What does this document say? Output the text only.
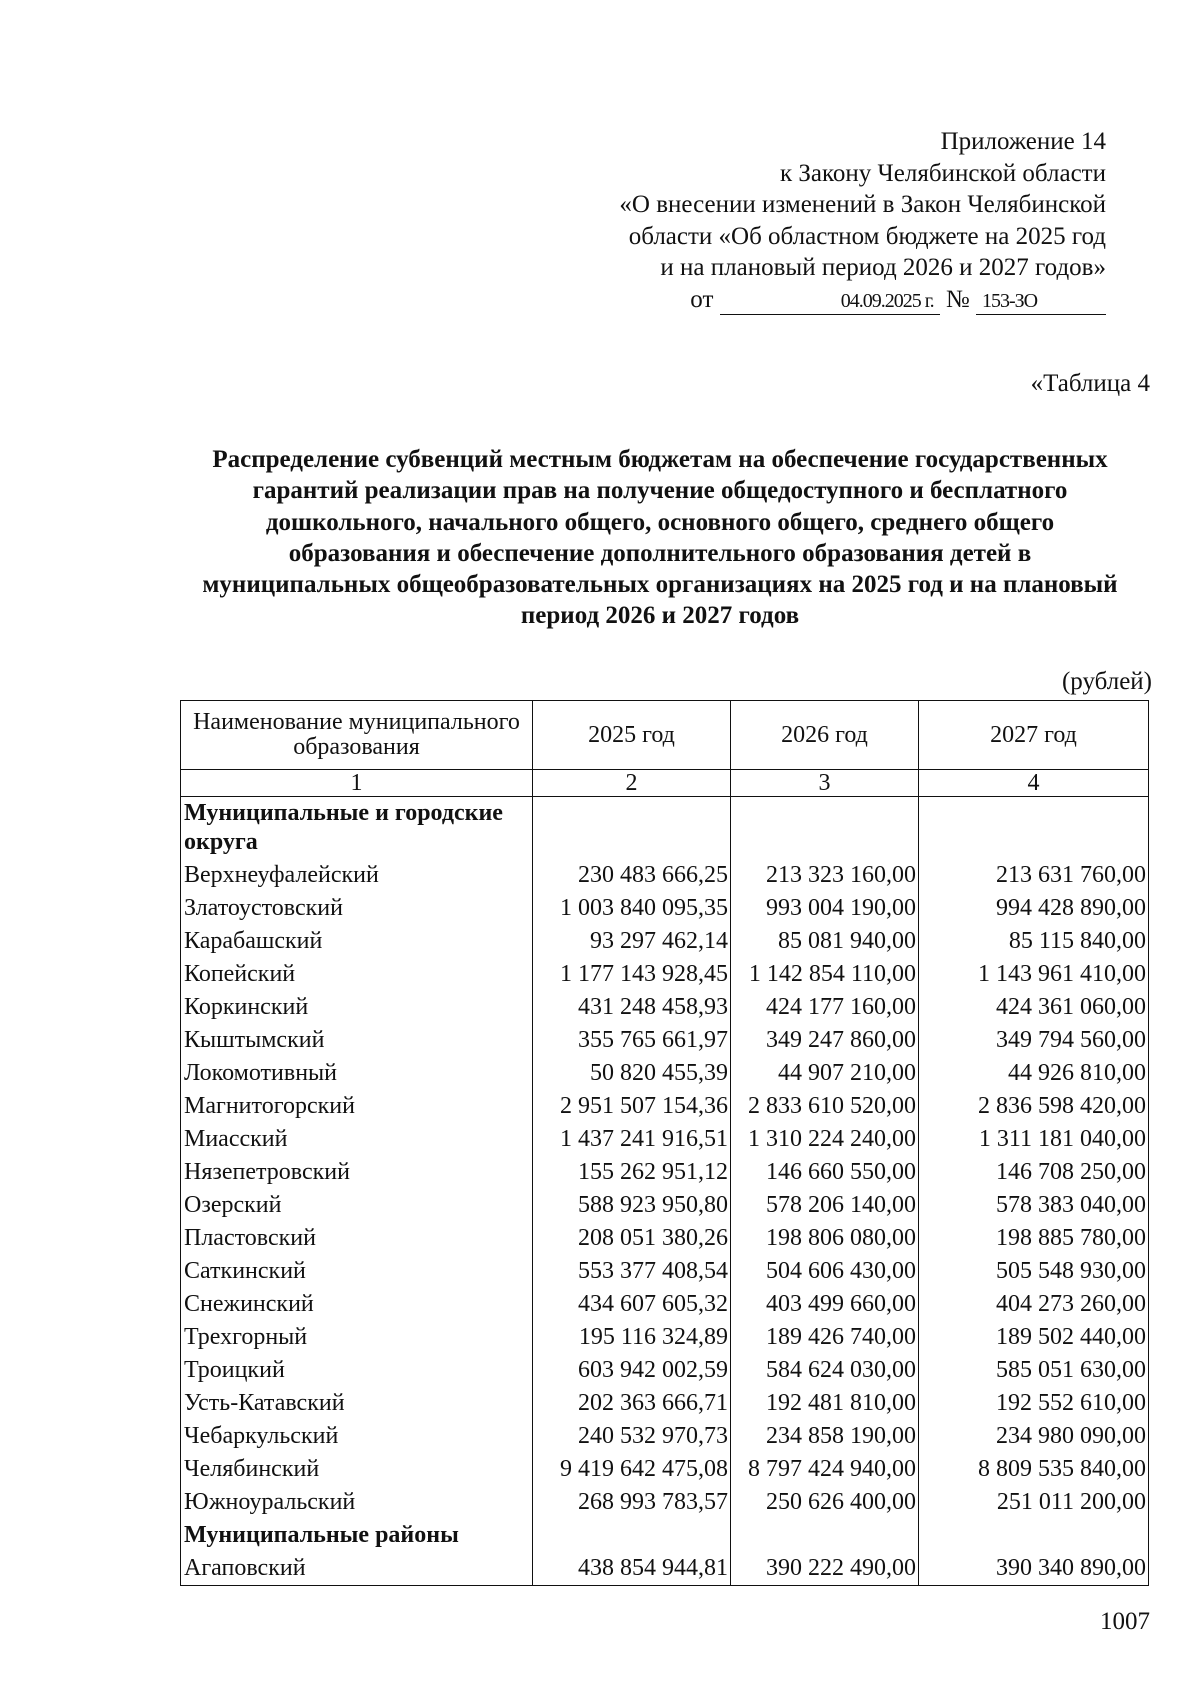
Приложение 14
к Закону Челябинской области
«О внесении изменений в Закон Челябинской
области «Об областном бюджете на 2025 год
и на плановый период 2026 и 2027 годов»
от	04.09.2025 г. № 153-ЗО
«Таблица 4
Распределение субвенций местным бюджетам на обеспечение государственных
гарантий реализации прав на получение общедоступного и бесплатного
дошкольного, начального общего, основного общего, среднего общего
образования и обеспечение дополнительного образования детей в
муниципальных общеобразовательных организациях на 2025 год и на плановый
период 2026 и 2027 годов
(рублей)
Наименование муниципального образования	2025 год	2026 год	2027 год
1	2	3	4
Муниципальные и городские округа			
Верхнеуфалейский	230 483 666,25	213 323 160,00	213 631 760,00
Златоустовский	1 003 840 095,35	993 004 190,00	994 428 890,00
Карабашский	93 297 462,14	85 081 940,00	85 115 840,00
Копейский	1 177 143 928,45	1 142 854 110,00	1 143 961 410,00
Коркинский	431 248 458,93	424 177 160,00	424 361 060,00
Кыштымский	355 765 661,97	349 247 860,00	349 794 560,00
Локомотивный	50 820 455,39	44 907 210,00	44 926 810,00
Магнитогорский	2 951 507 154,36	2 833 610 520,00	2 836 598 420,00
Миасский	1 437 241 916,51	1 310 224 240,00	1 311 181 040,00
Нязепетровский	155 262 951,12	146 660 550,00	146 708 250,00
Озерский	588 923 950,80	578 206 140,00	578 383 040,00
Пластовский	208 051 380,26	198 806 080,00	198 885 780,00
Саткинский	553 377 408,54	504 606 430,00	505 548 930,00
Снежинский	434 607 605,32	403 499 660,00	404 273 260,00
Трехгорный	195 116 324,89	189 426 740,00	189 502 440,00
Троицкий	603 942 002,59	584 624 030,00	585 051 630,00
Усть-Катавский	202 363 666,71	192 481 810,00	192 552 610,00
Чебаркульский	240 532 970,73	234 858 190,00	234 980 090,00
Челябинский	9 419 642 475,08	8 797 424 940,00	8 809 535 840,00
Южноуральский	268 993 783,57	250 626 400,00	251 011 200,00
Муниципальные районы			
Агаповский	438 854 944,81	390 222 490,00	390 340 890,00
1007
